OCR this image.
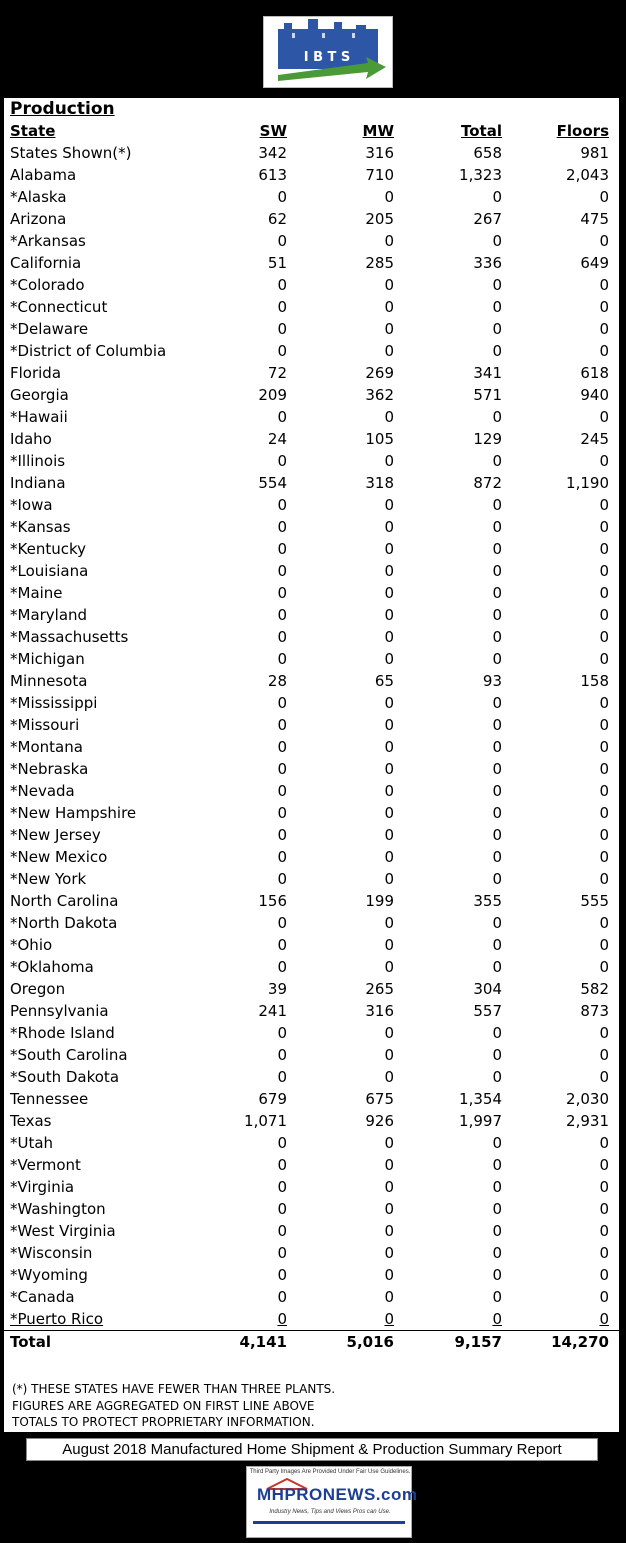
I B T S
Production
State	SW	MW	Total	Floors
States Shown(*)	342	316	658	981
Alabama	613	710	1,323	2,043
*Alaska	0	0	0	0
Arizona	62	205	267	475
*Arkansas	0	0	0	0
California	51	285	336	649
*Colorado	0	0	0	0
*Connecticut	0	0	0	0
*Delaware	0	0	0	0
*District of Columbia	0	0	0	0
Florida	72	269	341	618
Georgia	209	362	571	940
*Hawaii	0	0	0	0
Idaho	24	105	129	245
*Illinois	0	0	0	0
Indiana	554	318	872	1,190
*Iowa	0	0	0	0
*Kansas	0	0	0	0
*Kentucky	0	0	0	0
*Louisiana	0	0	0	0
*Maine	0	0	0	0
*Maryland	0	0	0	0
*Massachusetts	0	0	0	0
*Michigan	0	0	0	0
Minnesota	28	65	93	158
*Mississippi	0	0	0	0
*Missouri	0	0	0	0
*Montana	0	0	0	0
*Nebraska	0	0	0	0
*Nevada	0	0	0	0
*New Hampshire	0	0	0	0
*New Jersey	0	0	0	0
*New Mexico	0	0	0	0
*New York	0	0	0	0
North Carolina	156	199	355	555
*North Dakota	0	0	0	0
*Ohio	0	0	0	0
*Oklahoma	0	0	0	0
Oregon	39	265	304	582
Pennsylvania	241	316	557	873
*Rhode Island	0	0	0	0
*South Carolina	0	0	0	0
*South Dakota	0	0	0	0
Tennessee	679	675	1,354	2,030
Texas	1,071	926	1,997	2,931
*Utah	0	0	0	0
*Vermont	0	0	0	0
*Virginia	0	0	0	0
*Washington	0	0	0	0
*West Virginia	0	0	0	0
*Wisconsin	0	0	0	0
*Wyoming	0	0	0	0
*Canada	0	0	0	0
*Puerto Rico	0	0	0	0
Total	4,141	5,016	9,157	14,270
(*) THESE STATES HAVE FEWER THAN THREE PLANTS.
FIGURES ARE AGGREGATED ON FIRST LINE ABOVE
TOTALS TO PROTECT PROPRIETARY INFORMATION.
August 2018 Manufactured Home Shipment & Production Summary Report
Third Party Images Are Provided Under Fair Use Guidelines.
MHPRONEWS.com
Industry News, Tips and Views Pros can Use.
